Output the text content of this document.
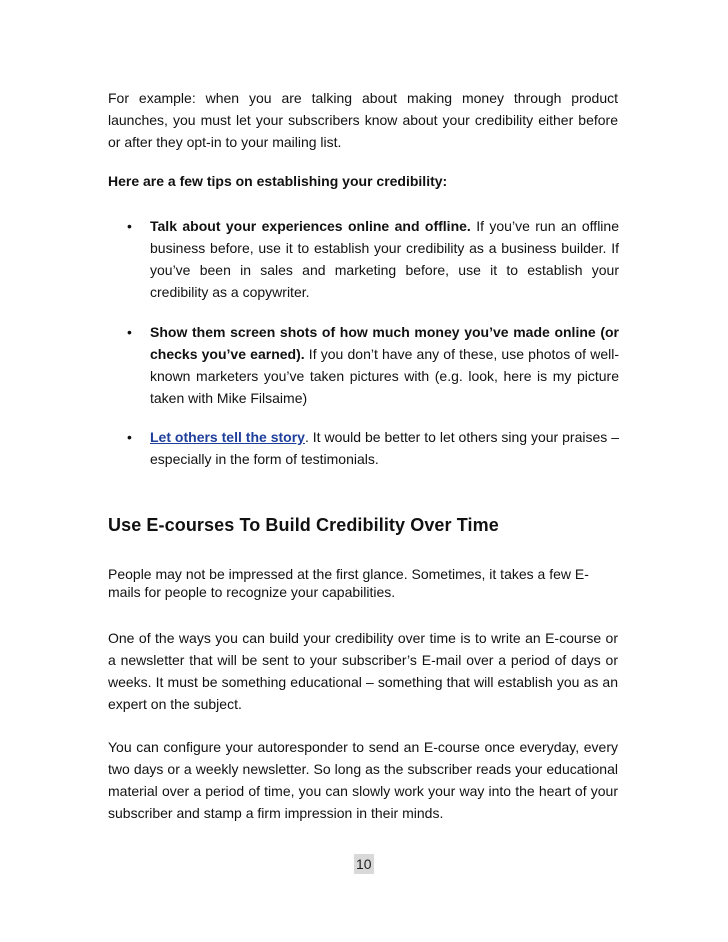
For example: when you are talking about making money through product launches, you must let your subscribers know about your credibility either before or after they opt-in to your mailing list.

Here are a few tips on establishing your credibility:

• Talk about your experiences online and offline. If you’ve run an offline business before, use it to establish your credibility as a business builder. If you’ve been in sales and marketing before, use it to establish your credibility as a copywriter.

• Show them screen shots of how much money you’ve made online (or checks you’ve earned). If you don’t have any of these, use photos of well-known marketers you’ve taken pictures with (e.g. look, here is my picture taken with Mike Filsaime)

• Let others tell the story. It would be better to let others sing your praises – especially in the form of testimonials.

Use E-courses To Build Credibility Over Time

People may not be impressed at the first glance. Sometimes, it takes a few E-mails for people to recognize your capabilities.

One of the ways you can build your credibility over time is to write an E-course or a newsletter that will be sent to your subscriber’s E-mail over a period of days or weeks. It must be something educational – something that will establish you as an expert on the subject.

You can configure your autoresponder to send an E-course once everyday, every two days or a weekly newsletter. So long as the subscriber reads your educational material over a period of time, you can slowly work your way into the heart of your subscriber and stamp a firm impression in their minds.

10
